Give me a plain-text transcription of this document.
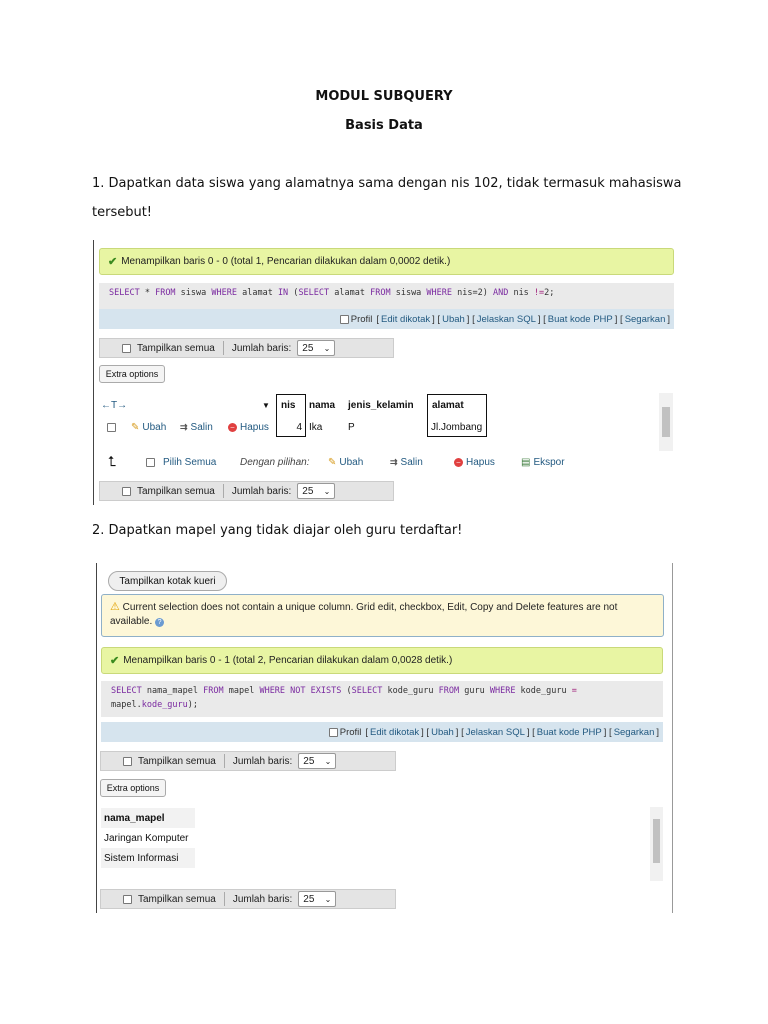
MODUL SUBQUERY
Basis Data
1. Dapatkan data siswa yang alamatnya sama dengan nis 102, tidak termasuk mahasiswa
tersebut!
✔ Menampilkan baris 0 - 0 (total 1, Pencarian dilakukan dalam 0,0002 detik.)
SELECT * FROM siswa WHERE alamat IN (SELECT alamat FROM siswa WHERE nis=2) AND nis !=2;
Profil [ Edit dikotak ] [ Ubah ] [ Jelaskan SQL ] [ Buat kode PHP ] [ Segarkan ]
Tampilkan semua Jumlah baris: 25 ⌄
Extra options
←T→	▼ nis nama jenis_kelamin alamat
✎ Ubah ⇉ Salin	– Hapus	4 Ika	P	Jl.Jombang
⮤	Pilih Semua Dengan pilihan: ✎ Ubah	⇉ Salin	– Hapus	▤ Ekspor
Tampilkan semua Jumlah baris: 25 ⌄
2. Dapatkan mapel yang tidak diajar oleh guru terdaftar!
Tampilkan kotak kueri
⚠ Current selection does not contain a unique column. Grid edit, checkbox, Edit, Copy and Delete features are not
available. ?
✔ Menampilkan baris 0 - 1 (total 2, Pencarian dilakukan dalam 0,0028 detik.)
SELECT nama_mapel FROM mapel WHERE NOT EXISTS (SELECT kode_guru FROM guru WHERE kode_guru =
mapel.kode_guru);
Profil [ Edit dikotak ] [ Ubah ] [ Jelaskan SQL ] [ Buat kode PHP ] [ Segarkan ]
Tampilkan semua Jumlah baris: 25 ⌄
Extra options
nama_mapel
Jaringan Komputer
Sistem Informasi
Tampilkan semua Jumlah baris: 25 ⌄
